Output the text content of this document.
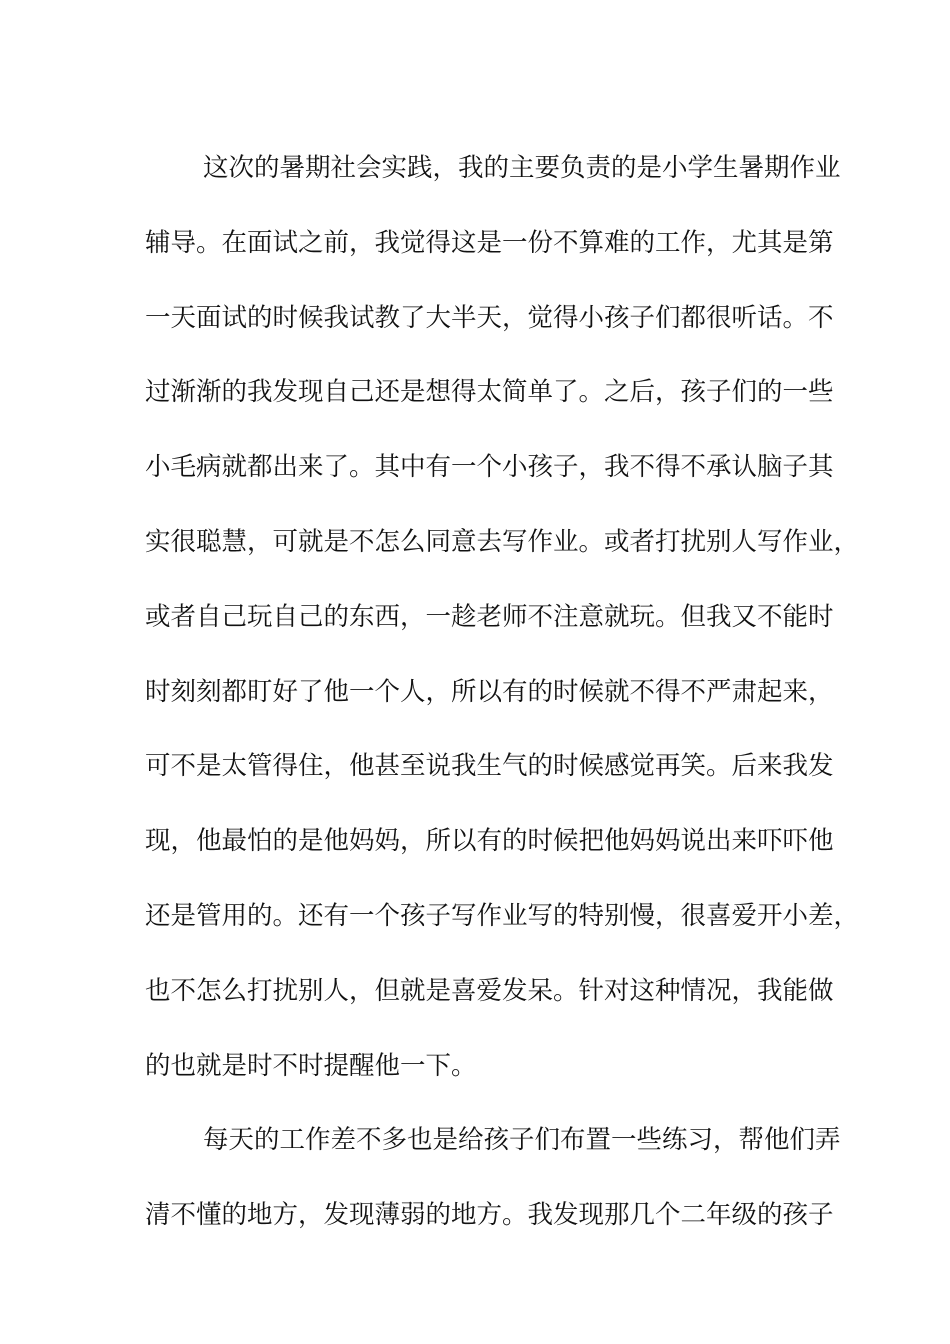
这次的暑期社会实践，我的主要负责的是小学生暑期作业
辅导。在面试之前，我觉得这是一份不算难的工作，尤其是第
一天面试的时候我试教了大半天，觉得小孩子们都很听话。不
过渐渐的我发现自己还是想得太简单了。之后，孩子们的一些
小毛病就都出来了。其中有一个小孩子，我不得不承认脑子其
实很聪慧，可就是不怎么同意去写作业。或者打扰别人写作业，
或者自己玩自己的东西，一趁老师不注意就玩。但我又不能时
时刻刻都盯好了他一个人，所以有的时候就不得不严肃起来，
可不是太管得住，他甚至说我生气的时候感觉再笑。后来我发
现，他最怕的是他妈妈，所以有的时候把他妈妈说出来吓吓他
还是管用的。还有一个孩子写作业写的特别慢，很喜爱开小差，
也不怎么打扰别人，但就是喜爱发呆。针对这种情况，我能做
的也就是时不时提醒他一下。
每天的工作差不多也是给孩子们布置一些练习，帮他们弄
清不懂的地方，发现薄弱的地方。我发现那几个二年级的孩子
